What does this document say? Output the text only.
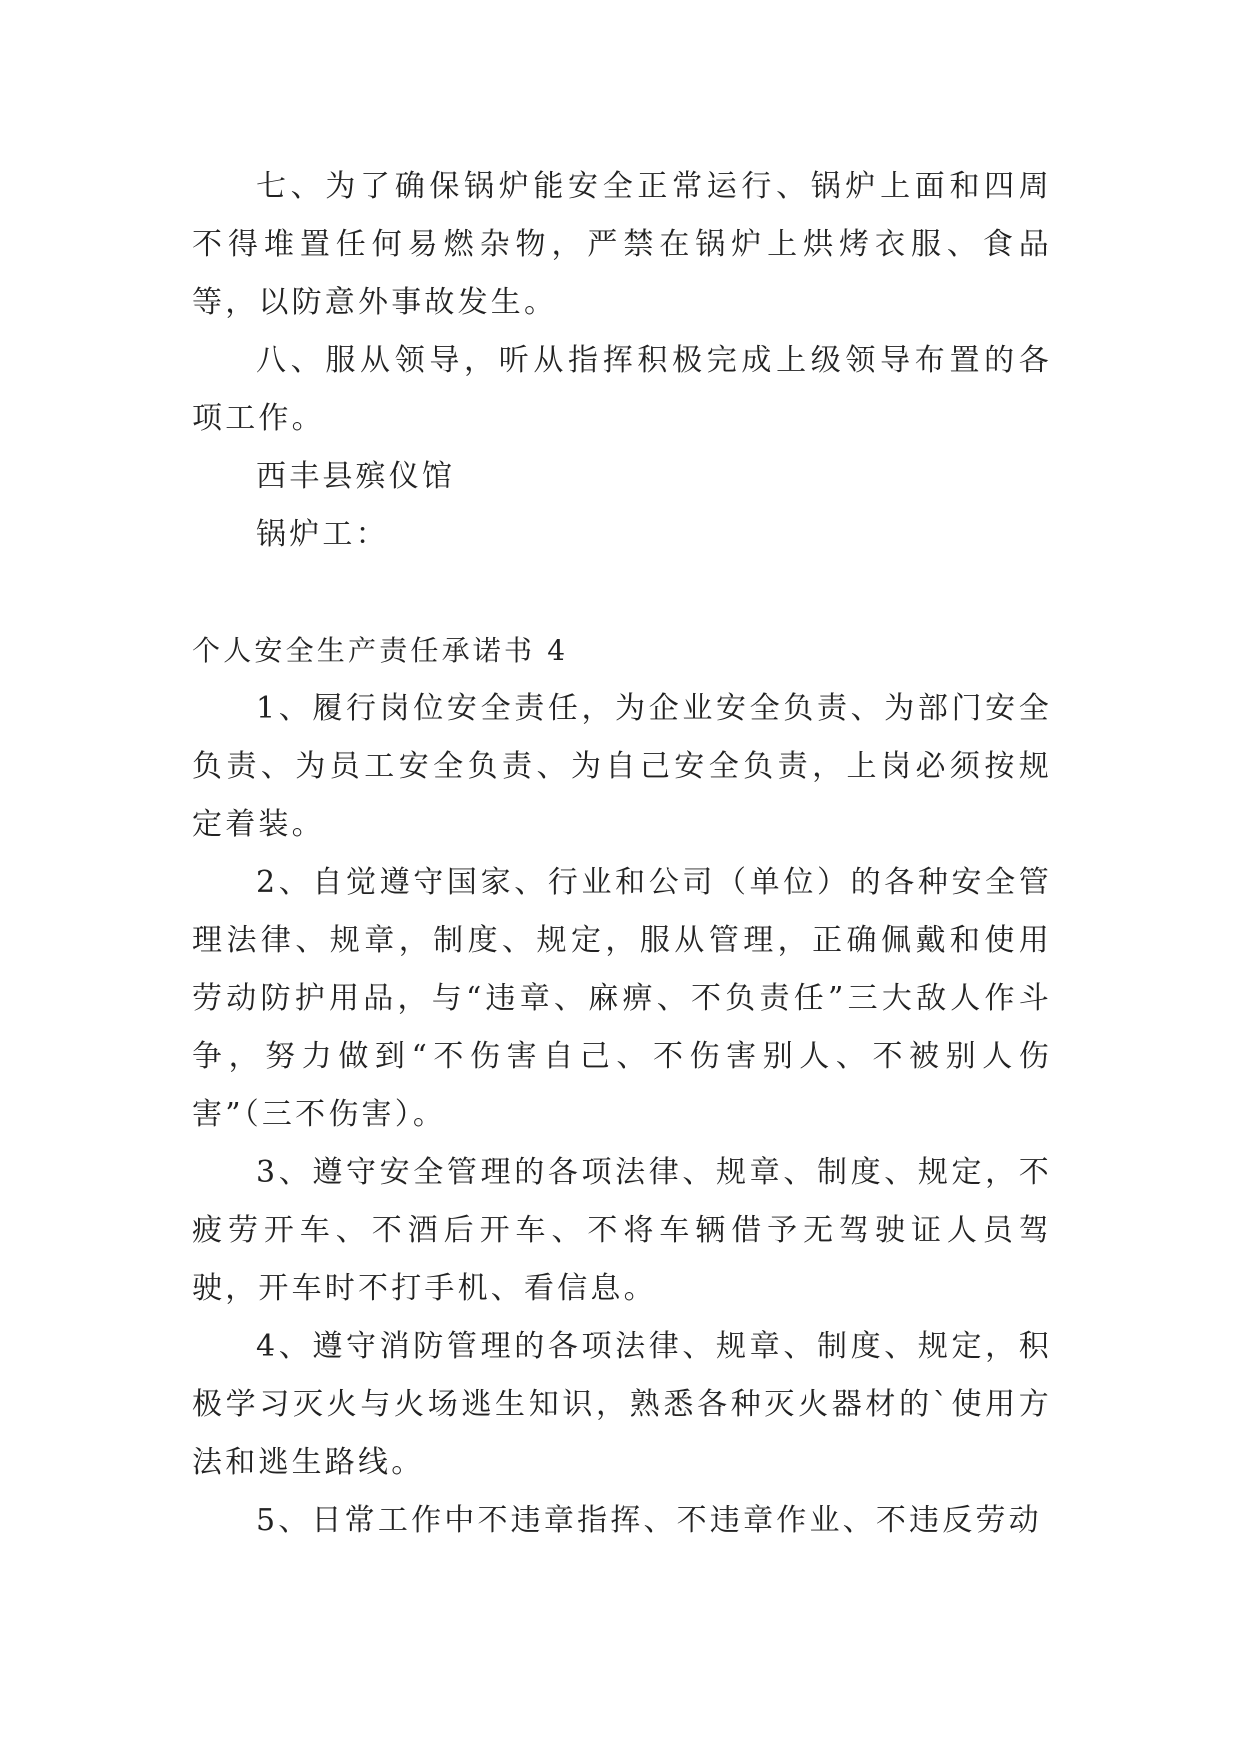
七、为了确保锅炉能安全正常运行、锅炉上面和四周不得堆置任何易燃杂物，严禁在锅炉上烘烤衣服、食品等，以防意外事故发生。

八、服从领导，听从指挥积极完成上级领导布置的各项工作。

西丰县殡仪馆

锅炉工：

个人安全生产责任承诺书 4

1、履行岗位安全责任，为企业安全负责、为部门安全负责、为员工安全负责、为自己安全负责，上岗必须按规定着装。

2、自觉遵守国家、行业和公司（单位）的各种安全管理法律、规章，制度、规定，服从管理，正确佩戴和使用劳动防护用品，与“违章、麻痹、不负责任”三大敌人作斗争，努力做到“不伤害自己、不伤害别人、不被别人伤害”（三不伤害）。

3、遵守安全管理的各项法律、规章、制度、规定，不疲劳开车、不酒后开车、不将车辆借予无驾驶证人员驾驶，开车时不打手机、看信息。

4、遵守消防管理的各项法律、规章、制度、规定，积极学习灭火与火场逃生知识，熟悉各种灭火器材的`使用方法和逃生路线。

5、日常工作中不违章指挥、不违章作业、不违反劳动
